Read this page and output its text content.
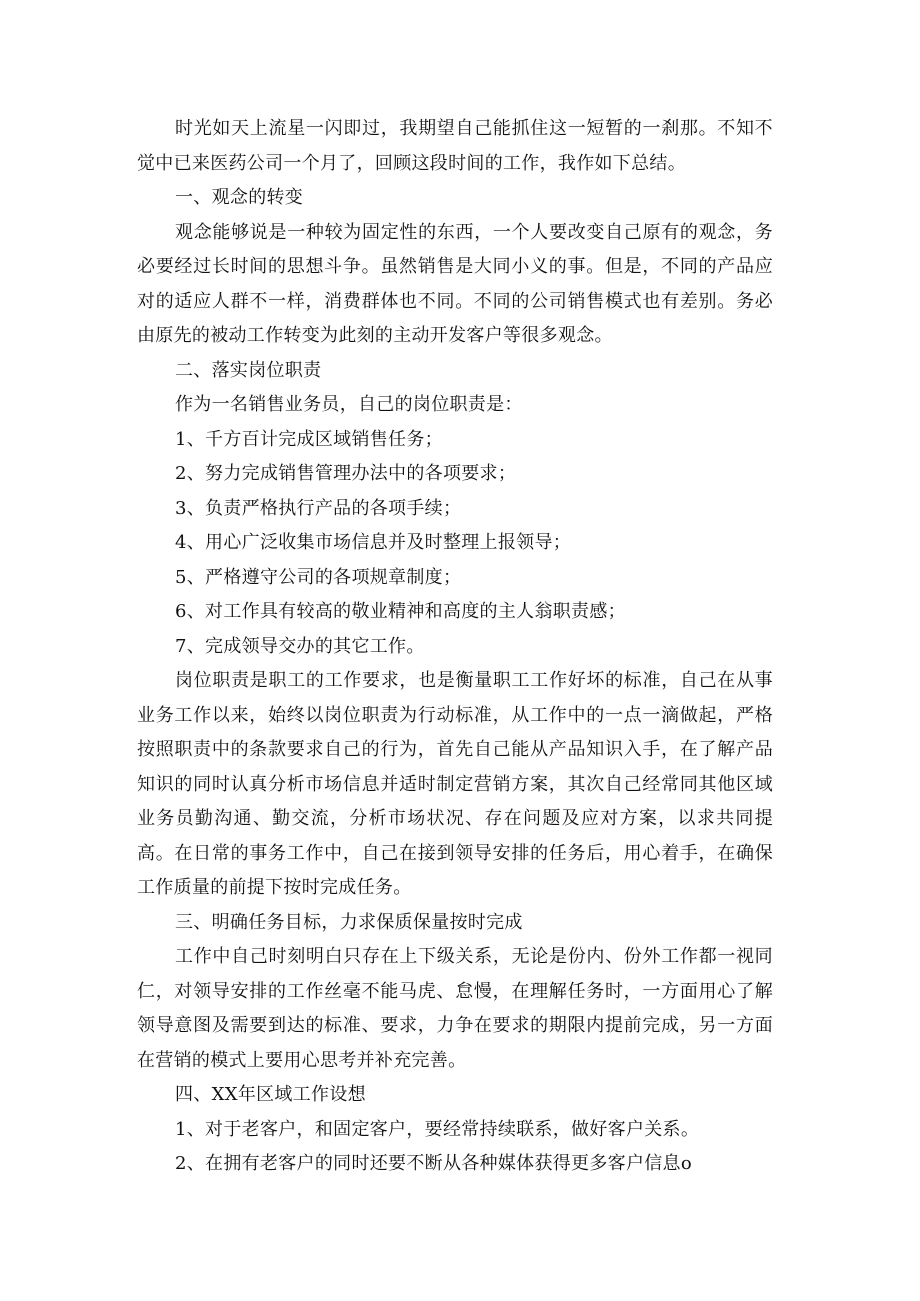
时光如天上流星一闪即过，我期望自己能抓住这一短暂的一刹那。不知不觉中已来医药公司一个月了，回顾这段时间的工作，我作如下总结。

一、观念的转变

观念能够说是一种较为固定性的东西，一个人要改变自己原有的观念，务必要经过长时间的思想斗争。虽然销售是大同小义的事。但是，不同的产品应对的适应人群不一样，消费群体也不同。不同的公司销售模式也有差别。务必由原先的被动工作转变为此刻的主动开发客户等很多观念。

二、落实岗位职责

作为一名销售业务员，自己的岗位职责是：

1、千方百计完成区域销售任务；

2、努力完成销售管理办法中的各项要求；

3、负责严格执行产品的各项手续；

4、用心广泛收集市场信息并及时整理上报领导；

5、严格遵守公司的各项规章制度；

6、对工作具有较高的敬业精神和高度的主人翁职责感；

7、完成领导交办的其它工作。

岗位职责是职工的工作要求，也是衡量职工工作好坏的标准，自己在从事业务工作以来，始终以岗位职责为行动标准，从工作中的一点一滴做起，严格按照职责中的条款要求自己的行为，首先自己能从产品知识入手，在了解产品知识的同时认真分析市场信息并适时制定营销方案，其次自己经常同其他区域业务员勤沟通、勤交流，分析市场状况、存在问题及应对方案，以求共同提高。在日常的事务工作中，自己在接到领导安排的任务后，用心着手，在确保工作质量的前提下按时完成任务。

三、明确任务目标，力求保质保量按时完成

工作中自己时刻明白只存在上下级关系，无论是份内、份外工作都一视同仁，对领导安排的工作丝毫不能马虎、怠慢，在理解任务时，一方面用心了解领导意图及需要到达的标准、要求，力争在要求的期限内提前完成，另一方面在营销的模式上要用心思考并补充完善。

四、XX年区域工作设想

1、对于老客户，和固定客户，要经常持续联系，做好客户关系。

2、在拥有老客户的同时还要不断从各种媒体获得更多客户信息o
